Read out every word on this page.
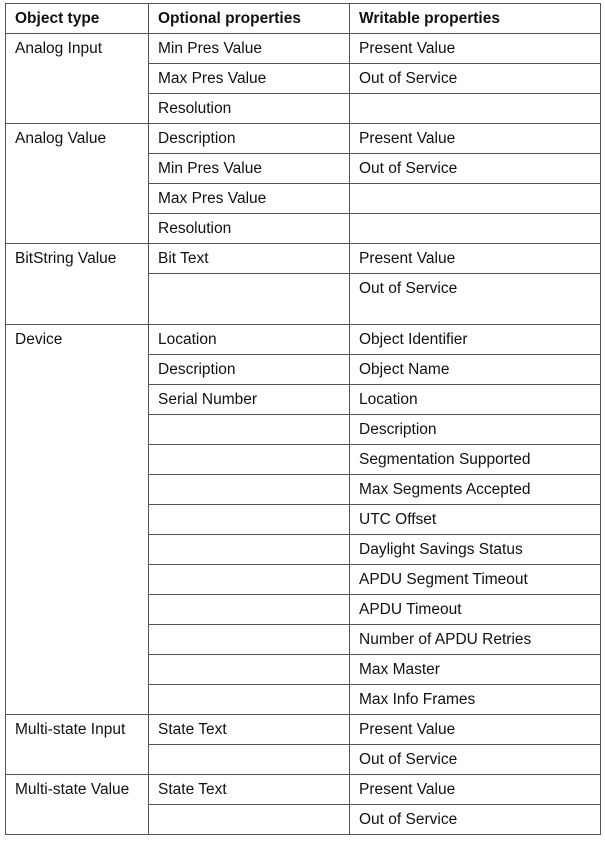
Object type	Optional properties	Writable properties
Analog Input	Min Pres Value	Present Value
	Max Pres Value	Out of Service
	Resolution	
Analog Value	Description	Present Value
	Min Pres Value	Out of Service
	Max Pres Value	
	Resolution	
BitString Value	Bit Text	Present Value
		Out of Service
Device	Location	Object Identifier
	Description	Object Name
	Serial Number	Location
		Description
		Segmentation Supported
		Max Segments Accepted
		UTC Offset
		Daylight Savings Status
		APDU Segment Timeout
		APDU Timeout
		Number of APDU Retries
		Max Master
		Max Info Frames
Multi-state Input	State Text	Present Value
		Out of Service
Multi-state Value	State Text	Present Value
		Out of Service
